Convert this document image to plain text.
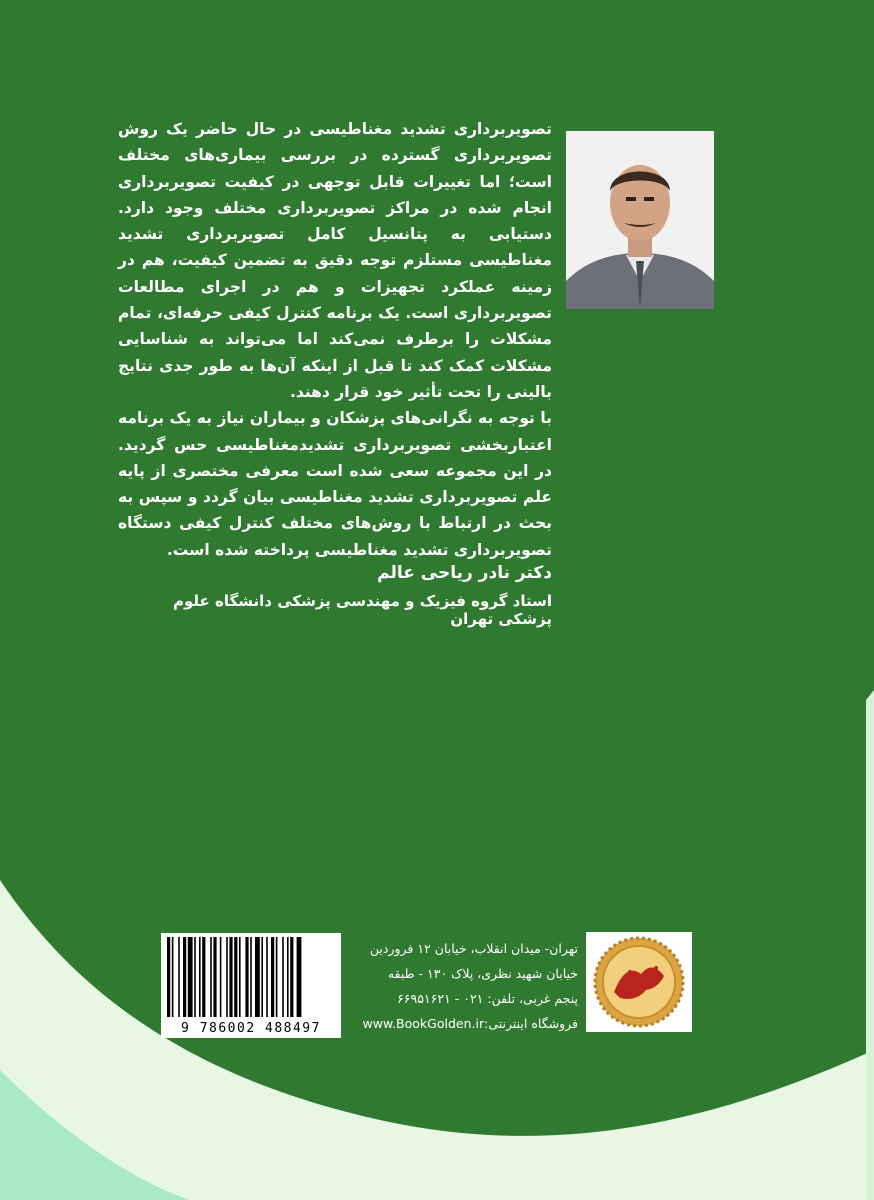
تصویربرداری تشدید مغناطیسی در حال حاضر یک روش تصویربرداری گسترده در بررسی بیماری‌های مختلف است؛ اما تغییرات قابل توجهی در کیفیت تصویربرداری انجام شده در مراکز تصویربرداری مختلف وجود دارد. دستیابی به پتانسیل کامل تصویربرداری تشدید مغناطیسی مستلزم توجه دقیق به تضمین کیفیت، هم در زمینه عملکرد تجهیزات و هم در اجرای مطالعات تصویربرداری است. یک برنامه کنترل کیفی حرفه‌ای، تمام مشکلات را برطرف نمی‌کند اما می‌تواند به شناسایی مشکلات کمک کند تا قبل از اینکه آن‌ها به طور جدی نتایج بالینی را تحت تأثیر خود قرار دهند.

با توجه به نگرانی‌های پزشکان و بیماران نیاز به یک برنامه اعتباربخشی تصویربرداری تشدیدمغناطیسی حس گردید. در این مجموعه سعی شده است معرفی مختصری از پایه علم تصویربرداری تشدید مغناطیسی بیان گردد و سپس به بحث در ارتباط با روش‌های مختلف کنترل کیفی دستگاه تصویربرداری تشدید مغناطیسی پرداخته شده است.

دکتر نادر ریاحی عالم
استاد گروه فیزیک و مهندسی پزشکی دانشگاه علوم پزشکی تهران
9 786002 488497
تهران- میدان انقلاب، خیابان ۱۲ فروردین
خیابان شهید نظری، پلاک ۱۳۰ - طبقه
پنجم غربی، تلفن: ۰۲۱ - ۶۶۹۵۱۶۲۱
فروشگاه اینترنتی:www.BookGolden.ir
